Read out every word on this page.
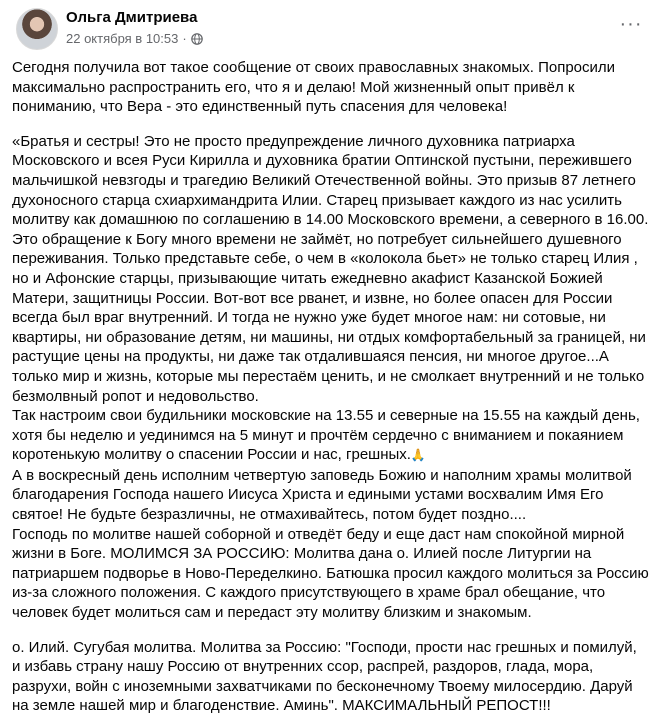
Ольга Дмитриева
22 октября в 10:53 ·
···

Сегодня получила вот такое сообщение от своих православных знакомых. Попросили максимально распространить его, что я и делаю! Мой жизненный опыт привёл к пониманию, что Вера - это единственный путь спасения для человека!

«Братья и сестры! Это не просто предупреждение личного духовника патриарха Московского и всея Руси Кирилла и духовника братии Оптинской пустыни, пережившего мальчишкой невзгоды и трагедию Великий Отечественной войны. Это призыв 87 летнего духоносного старца схиархимандрита Илии. Старец призывает каждого из нас усилить молитву как домашнюю по соглашению в 14.00 Московского времени, а северного в 16.00. Это обращение к Богу много времени не займёт, но потребует сильнейшего душевного переживания. Только представьте себе, о чем в «колокола бьет» не только старец Илия , но и Афонские старцы, призывающие читать ежедневно акафист Казанской Божией Матери, защитницы России. Вот-вот все рванет, и извне, но более опасен для России всегда был враг внутренний. И тогда не нужно уже будет многое нам: ни сотовые, ни квартиры, ни образование детям, ни машины, ни отдых комфортабельный за границей, ни растущие цены на продукты, ни даже так отдалившаяся пенсия, ни многое другое...А только мир и жизнь, которые мы перестаём ценить, и не смолкает внутренний и не только безмолвный ропот и недовольство.

Так настроим свои будильники московские на 13.55 и северные на 15.55 на каждый день, хотя бы неделю и уединимся на 5 минут и прочтём сердечно с вниманием и покаянием коротенькую молитву о спасении России и нас, грешных.🙏

А в воскресный день исполним четвертую заповедь Божию и наполним храмы молитвой благодарения Господа нашего Иисуса Христа и едиными устами восхвалим Имя Его святое! Не будьте безразличны, не отмахивайтесь, потом будет поздно....

Господь по молитве нашей соборной и отведёт беду и еще даст нам спокойной мирной жизни в Боге. МОЛИМСЯ ЗА РОССИЮ: Молитва дана о. Илией после Литургии на патриаршем подворье в Ново-Переделкино. Батюшка просил каждого молиться за Россию из-за сложного положения. С каждого присутствующего в храме брал обещание, что человек будет молиться сам и передаст эту молитву близким и знакомым.

о. Илий. Сугубая молитва. Молитва за Россию: "Господи, прости нас грешных и помилуй, и избавь страну нашу Россию от внутренних ссор, распрей, раздоров, глада, мора, разрухи, войн с иноземными захватчиками по бесконечному Твоему милосердию. Даруй на земле нашей мир и благоденствие. Аминь". МАКСИМАЛЬНЫЙ РЕПОСТ!!!
